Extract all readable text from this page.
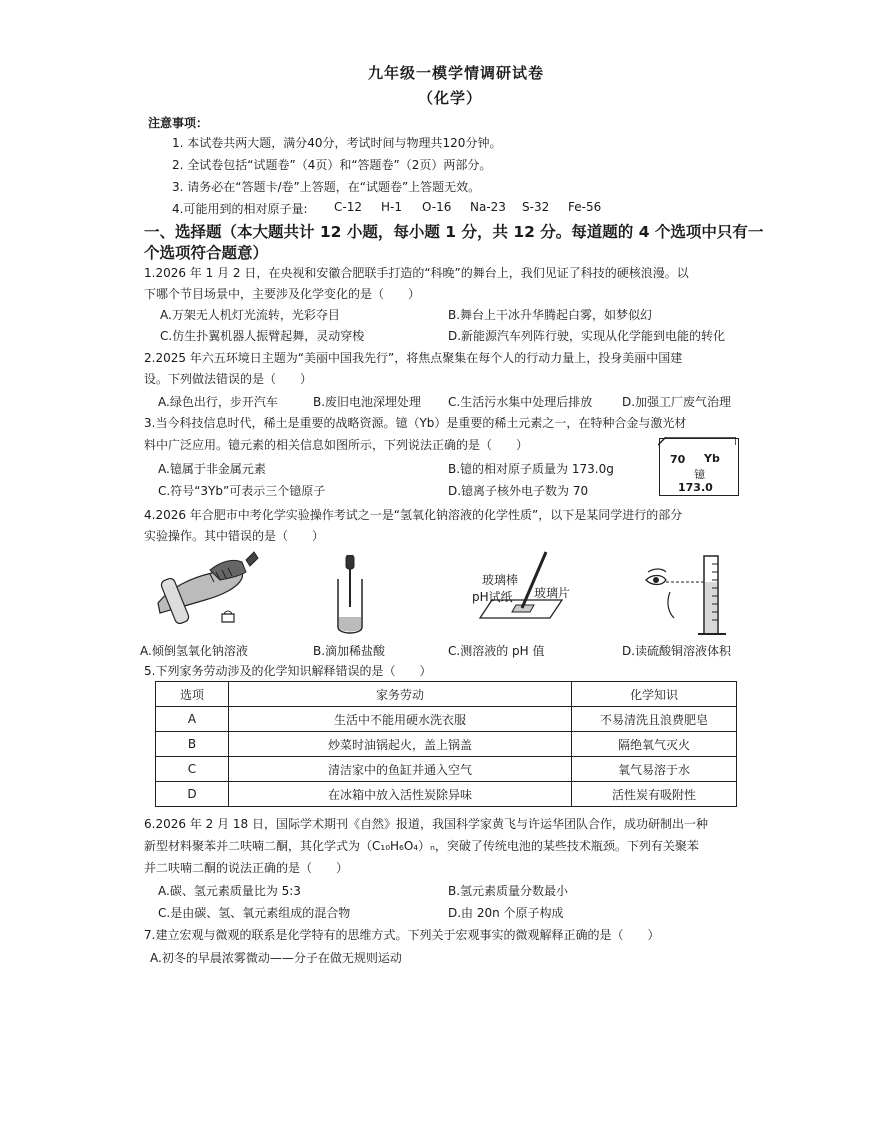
九年级一模学情调研试卷
（化学）
注意事项：
1. 本试卷共两大题，满分40分，考试时间与物理共120分钟。
2. 全试卷包括“试题卷”（4页）和“答题卷”（2页）两部分。
3. 请务必在“答题卡/卷”上答题，在“试题卷”上答题无效。
4.可能用到的相对原子量: C-12 H-1 O-16 Na-23 S-32 Fe-56
一、选择题（本大题共计 12 小题，每小题 1 分，共 12 分。每道题的 4 个选项中只有一
个选项符合题意）
1.2026 年 1 月 2 日，在央视和安徽合肥联手打造的“科晚”的舞台上，我们见证了科技的硬核浪漫。以
下哪个节目场景中，主要涉及化学变化的是（　　）
A.万架无人机灯光流转，光彩夺目	B.舞台上干冰升华腾起白雾，如梦似幻
C.仿生扑翼机器人振臂起舞，灵动穿梭	D.新能源汽车列阵行驶，实现从化学能到电能的转化
2.2025 年六五环境日主题为“美丽中国我先行”，将焦点聚集在每个人的行动力量上，投身美丽中国建
设。下列做法错误的是（　　）
A.绿色出行，步开汽车	B.废旧电池深埋处理 C.生活污水集中处理后排放 D.加强工厂废气治理
3.当今科技信息时代，稀土是重要的战略资源。镱（Yb）是重要的稀土元素之一，在特种合金与激光材
料中广泛应用。镱元素的相关信息如图所示，下列说法正确的是（　　）
A.镱属于非金属元素	B.镱的相对原子质量为 173.0g
C.符号“3Yb”可表示三个镱原子	D.镱离子核外电子数为 70
70 Yb
镱
173.0
4.2026 年合肥市中考化学实验操作考试之一是“氢氧化钠溶液的化学性质”，以下是某同学进行的部分
实验操作。其中错误的是（　　）
玻璃棒
pH试纸 玻璃片
A.倾倒氢氧化钠溶液	B.滴加稀盐酸	C.测溶液的 pH 值	D.读硫酸铜溶液体积
5.下列家务劳动涉及的化学知识解释错误的是（　　）
选项	家务劳动	化学知识
A	生活中不能用硬水洗衣服	不易清洗且浪费肥皂
B	炒菜时油锅起火，盖上锅盖	隔绝氧气灭火
C	清洁家中的鱼缸并通入空气	氧气易溶于水
D	在冰箱中放入活性炭除异味	活性炭有吸附性
6.2026 年 2 月 18 日，国际学术期刊《自然》报道，我国科学家黄飞与许运华团队合作，成功研制出一种
新型材料聚苯并二呋喃二酮，其化学式为（C₁₀H₆O₄）ₙ，突破了传统电池的某些技术瓶颈。下列有关聚苯
并二呋喃二酮的说法正确的是（　　）
A.碳、氢元素质量比为 5:3	B.氢元素质量分数最小
C.是由碳、氢、氧元素组成的混合物	D.由 20n 个原子构成
7.建立宏观与微观的联系是化学特有的思维方式。下列关于宏观事实的微观解释正确的是（　　）
A.初冬的早晨浓雾微动——分子在做无规则运动
